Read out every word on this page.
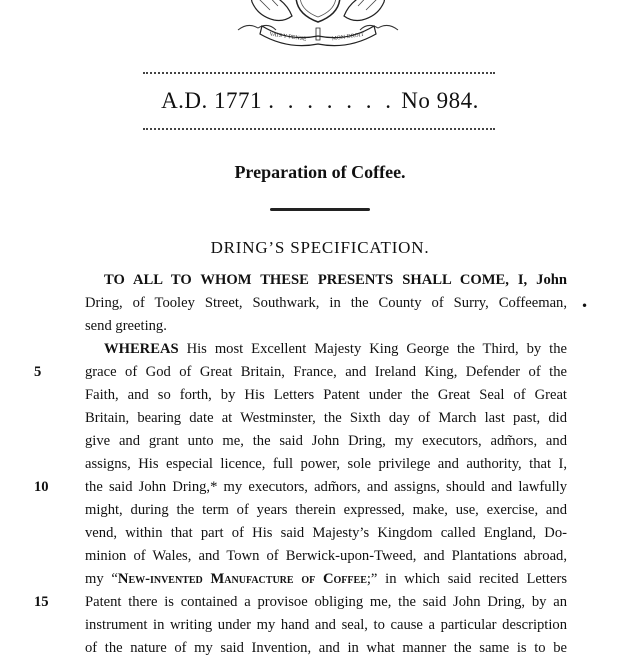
VAIS Y PENSE	MON DROIT
A.D. 1771 . . . . . . . No 984.
Preparation of Coffee.
DRING’S SPECIFICATION.
TO ALL TO WHOM THESE PRESENTS SHALL COME, I, John
Dring, of Tooley Street, Southwark, in the County of Surry, Coffeeman,
send greeting.
WHEREAS His most Excellent Majesty King George the Third, by the
grace of God of Great Britain, France, and Ireland King, Defender of the
Faith, and so forth, by His Letters Patent under the Great Seal of Great
Britain, bearing date at Westminster, the Sixth day of March last past, did
give and grant unto me, the said John Dring, my executors, adm̃ors, and
assigns, His especial licence, full power, sole privilege and authority, that I,
the said John Dring,* my executors, adm̃ors, and assigns, should and lawfully
might, during the term of years therein expressed, make, use, exercise, and
vend, within that part of His said Majesty’s Kingdom called England, Do-
minion of Wales, and Town of Berwick-upon-Tweed, and Plantations abroad,
my “New-invented Manufacture of Coffee;” in which said recited Letters
Patent there is contained a provisoe obliging me, the said John Dring, by an
instrument in writing under my hand and seal, to cause a particular description
of the nature of my said Invention, and in what manner the same is to be
5
10
15
•
